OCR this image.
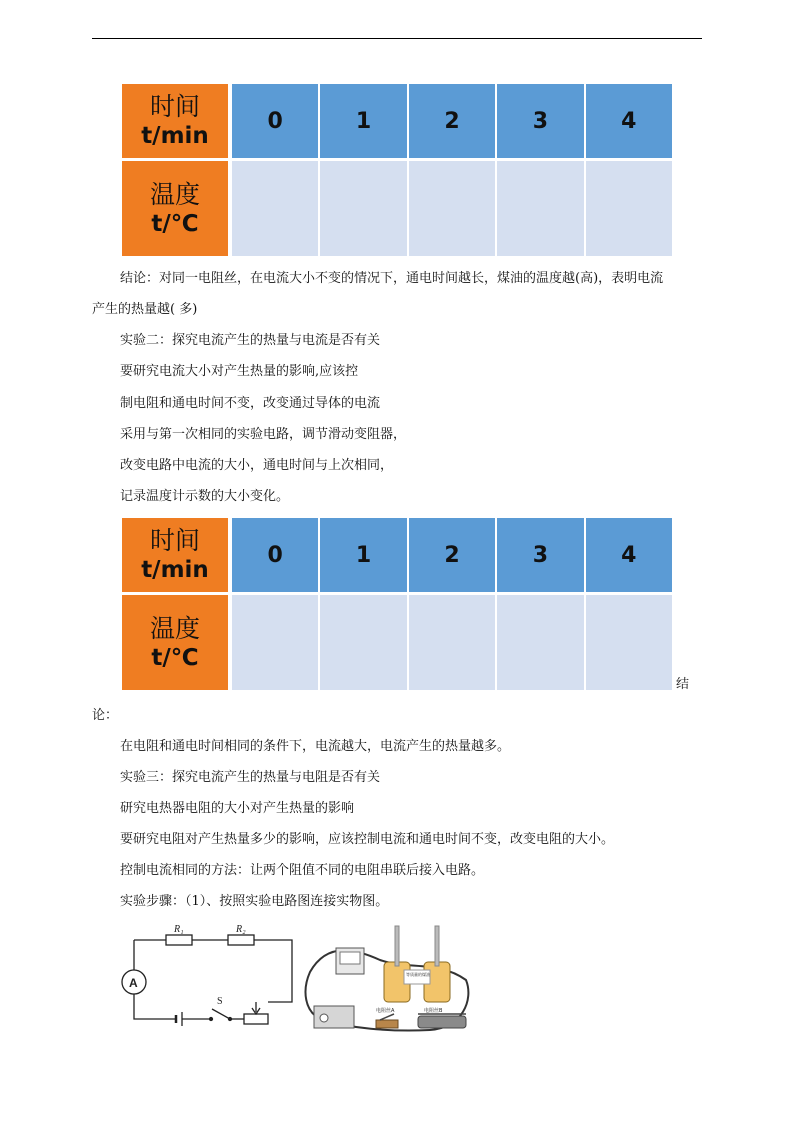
时间
t/min	0	1	2	3	4

温度
t/℃					

结论：对同一电阻丝，在电流大小不变的情况下，通电时间越长，煤油的温度越(高)，表明电流
产生的热量越( 多)
实验二：探究电流产生的热量与电流是否有关
要研究电流大小对产生热量的影响,应该控
制电阻和通电时间不变，改变通过导体的电流
采用与第一次相同的实验电路，调节滑动变阻器，
改变电路中电流的大小，通电时间与上次相同，
记录温度计示数的大小变化。
时间
t/min	0	1	2	3	4

温度
t/℃					

结
论：
在电阻和通电时间相同的条件下，电流越大，电流产生的热量越多。
实验三：探究电流产生的热量与电阻是否有关
研究电热器电阻的大小对产生热量的影响
要研究电阻对产生热量多少的影响，应该控制电流和通电时间不变，改变电阻的大小。
控制电流相同的方法：让两个阻值不同的电阻串联后接入电路。
实验步骤：（1）、按照实验电路图连接实物图。
R₁	R₂
A
S
等质量的煤油
电阻丝A	电阻丝B
